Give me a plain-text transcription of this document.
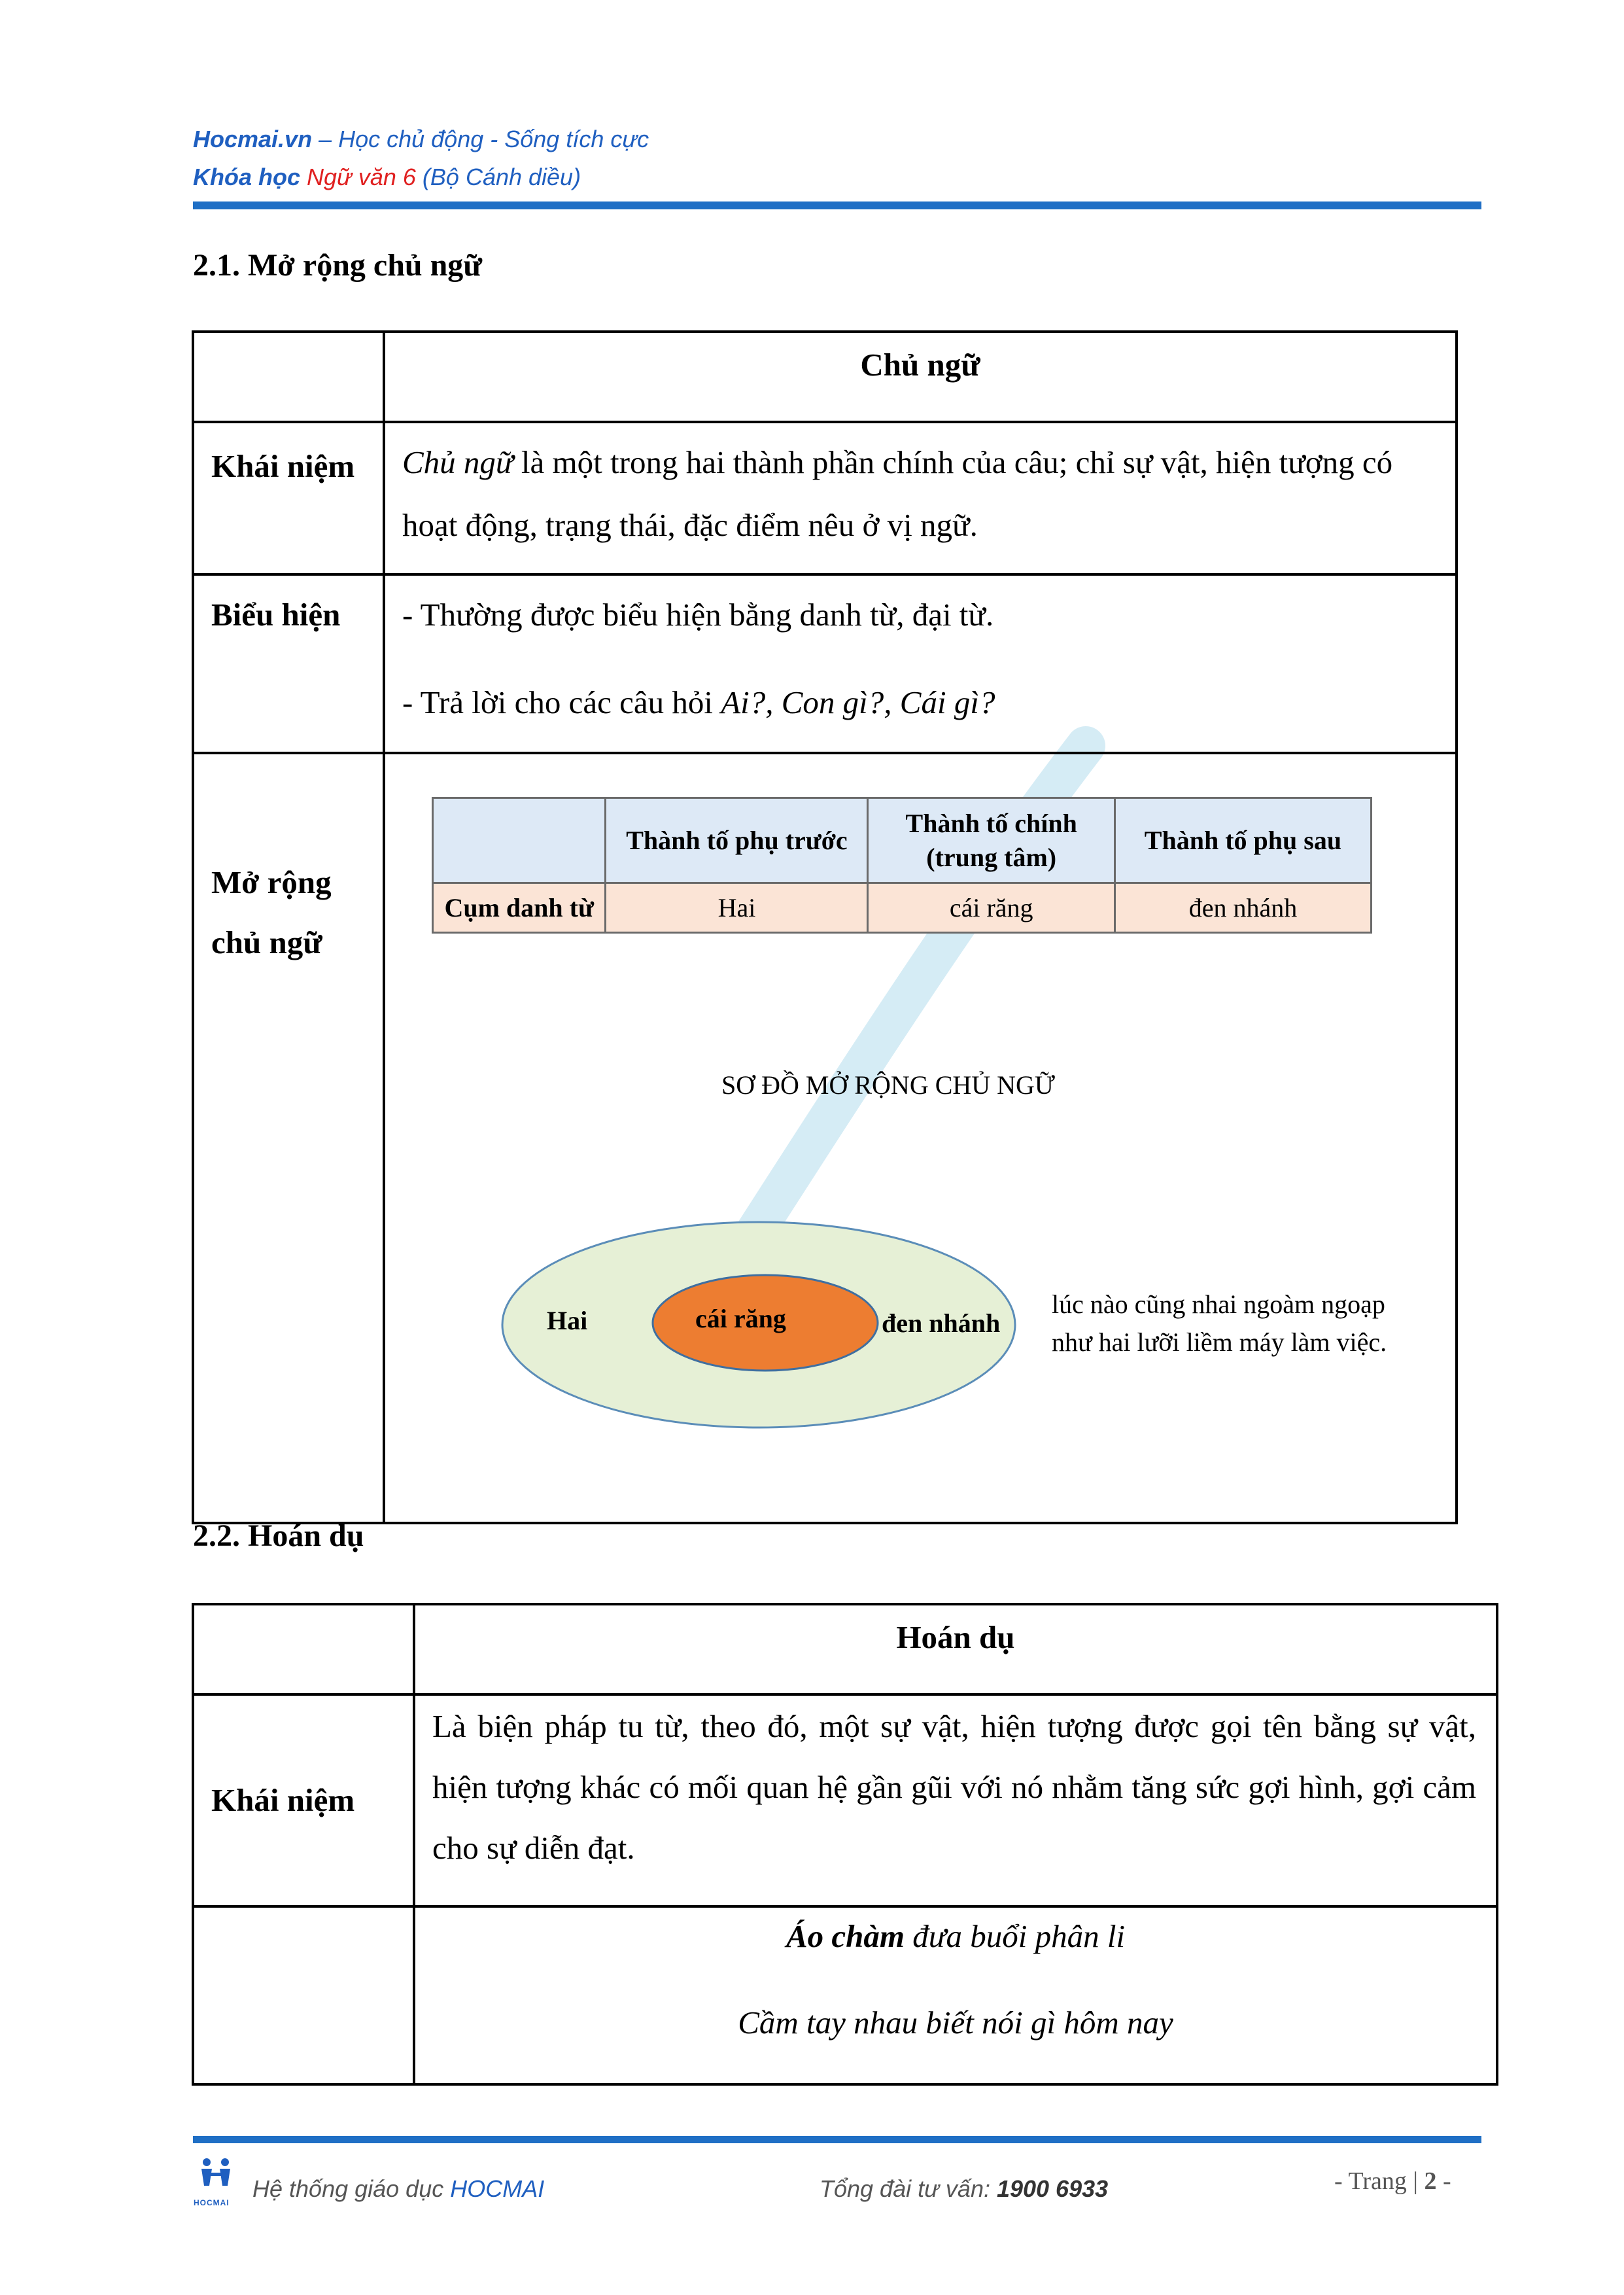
Hocmai.vn – Học chủ động - Sống tích cực
Khóa học Ngữ văn 6 (Bộ Cánh diều)
2.1. Mở rộng chủ ngữ
	Chủ ngữ
Khái niệm	Chủ ngữ là một trong hai thành phần chính của câu; chỉ sự vật, hiện tượng có hoạt động, trạng thái, đặc điểm nêu ở vị ngữ.
Biểu hiện	- Thường được biểu hiện bằng danh từ, đại từ.
- Trả lời cho các câu hỏi Ai?, Con gì?, Cái gì?

Mở rộng chủ ngữ	

	Thành tố phụ trước	Thành tố chính (trung tâm)	Thành tố phụ sau
Cụm danh từ	Hai	cái răng	đen nhánh
SƠ ĐỒ MỞ RỘNG CHỦ NGỮ
Hai	cái răng	đen nhánh
lúc nào cũng nhai ngoàm ngoạp
như hai lưỡi liềm máy làm việc.
2.2. Hoán dụ
	Hoán dụ
Khái niệm	Là biện pháp tu từ, theo đó, một sự vật, hiện tượng được gọi tên bằng sự vật, hiện tượng khác có mối quan hệ gần gũi với nó nhằm tăng sức gợi hình, gợi cảm cho sự diễn đạt.

	Áo chàm đưa buổi phân li
Cầm tay nhau biết nói gì hôm nay
HOCMAI
Hệ thống giáo dục HOCMAI	Tổng đài tư vấn: 1900 6933	- Trang | 2 -
